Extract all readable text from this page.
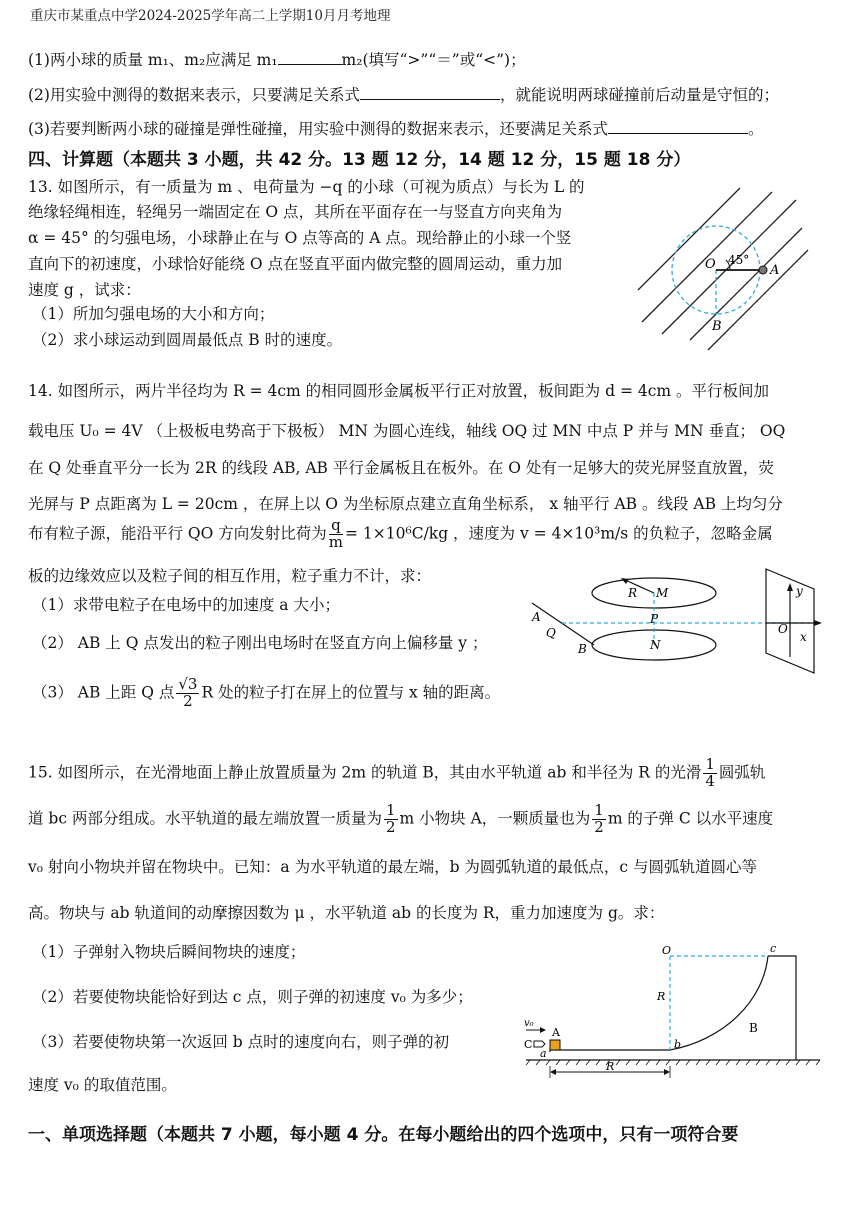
重庆市某重点中学2024-2025学年高二上学期10月月考地理
(1)两小球的质量 m₁、m₂应满足 m₁	m₂(填写“>”“＝”或“<”)；
(2)用实验中测得的数据来表示，只要满足关系式	，就能说明两球碰撞前后动量是守恒的；
(3)若要判断两小球的碰撞是弹性碰撞，用实验中测得的数据来表示，还要满足关系式	。
四、计算题（本题共 3 小题，共 42 分。13 题 12 分，14 题 12 分，15 题 18 分）
13. 如图所示，有一质量为 m 、电荷量为 −q 的小球（可视为质点）与长为 L 的
绝缘轻绳相连，轻绳另一端固定在 O 点，其所在平面存在一与竖直方向夹角为
α = 45° 的匀强电场，小球静止在与 O 点等高的 A 点。现给静止的小球一个竖
直向下的初速度，小球恰好能绕 O 点在竖直平面内做完整的圆周运动，重力加
速度 g ，试求：
（1）所加匀强电场的大小和方向；
（2）求小球运动到圆周最低点 B 时的速度。
O 45°
A
B
14. 如图所示，两片半径均为 R = 4cm 的相同圆形金属板平行正对放置，板间距为 d = 4cm 。平行板间加
载电压 U₀ = 4V （上极板电势高于下极板） MN 为圆心连线，轴线 OQ 过 MN 中点 P 并与 MN 垂直； OQ
在 Q 处垂直平分一长为 2R 的线段 AB, AB 平行金属板且在板外。在 O 处有一足够大的荧光屏竖直放置，荧
光屏与 P 点距离为 L = 20cm ，在屏上以 O 为坐标原点建立直角坐标系， x 轴平行 AB 。线段 AB 上均匀分
布有粒子源，能沿平行 QO 方向发射比荷为 $\frac{q}{m} = 1\times 10^6C/kg$ ，速度为 v = 4×10³m/s 的负粒子，忽略金属
板的边缘效应以及粒子间的相互作用，粒子重力不计，求：
（1）求带电粒子在电场中的加速度 a 大小；
（2） AB 上 Q 点发出的粒子刚出电场时在竖直方向上偏移量 y ；
（3） AB 上距 Q 点 $\frac{√3}{2}$ R 处的粒子打在屏上的位置与 x 轴的距离。
R M
P
N
A
Q
B
O
x
y
15. 如图所示，在光滑地面上静止放置质量为 2m 的轨道 B，其由水平轨道 ab 和半径为 R 的光滑 $\frac{1}{4}$ 圆弧轨
道 bc 两部分组成。水平轨道的最左端放置一质量为 $\frac{1}{2}$ m 小物块 A，一颗质量也为 $\frac{1}{2}$ m 的子弹 C 以水平速度
v₀ 射向小物块并留在物块中。已知：a 为水平轨道的最左端，b 为圆弧轨道的最低点，c 与圆弧轨道圆心等
高。物块与 ab 轨道间的动摩擦因数为 μ ，水平轨道 ab 的长度为 R，重力加速度为 g。求：
（1）子弹射入物块后瞬间物块的速度；
（2）若要使物块能恰好到达 c 点，则子弹的初速度 v₀ 为多少；
（3）若要使物块第一次返回 b 点时的速度向右，则子弹的初
速度 v₀ 的取值范围。
O	c
R
B
v₀
A
C
a
b
R
一、单项选择题（本题共 7 小题，每小题 4 分。在每小题给出的四个选项中，只有一项符合要
